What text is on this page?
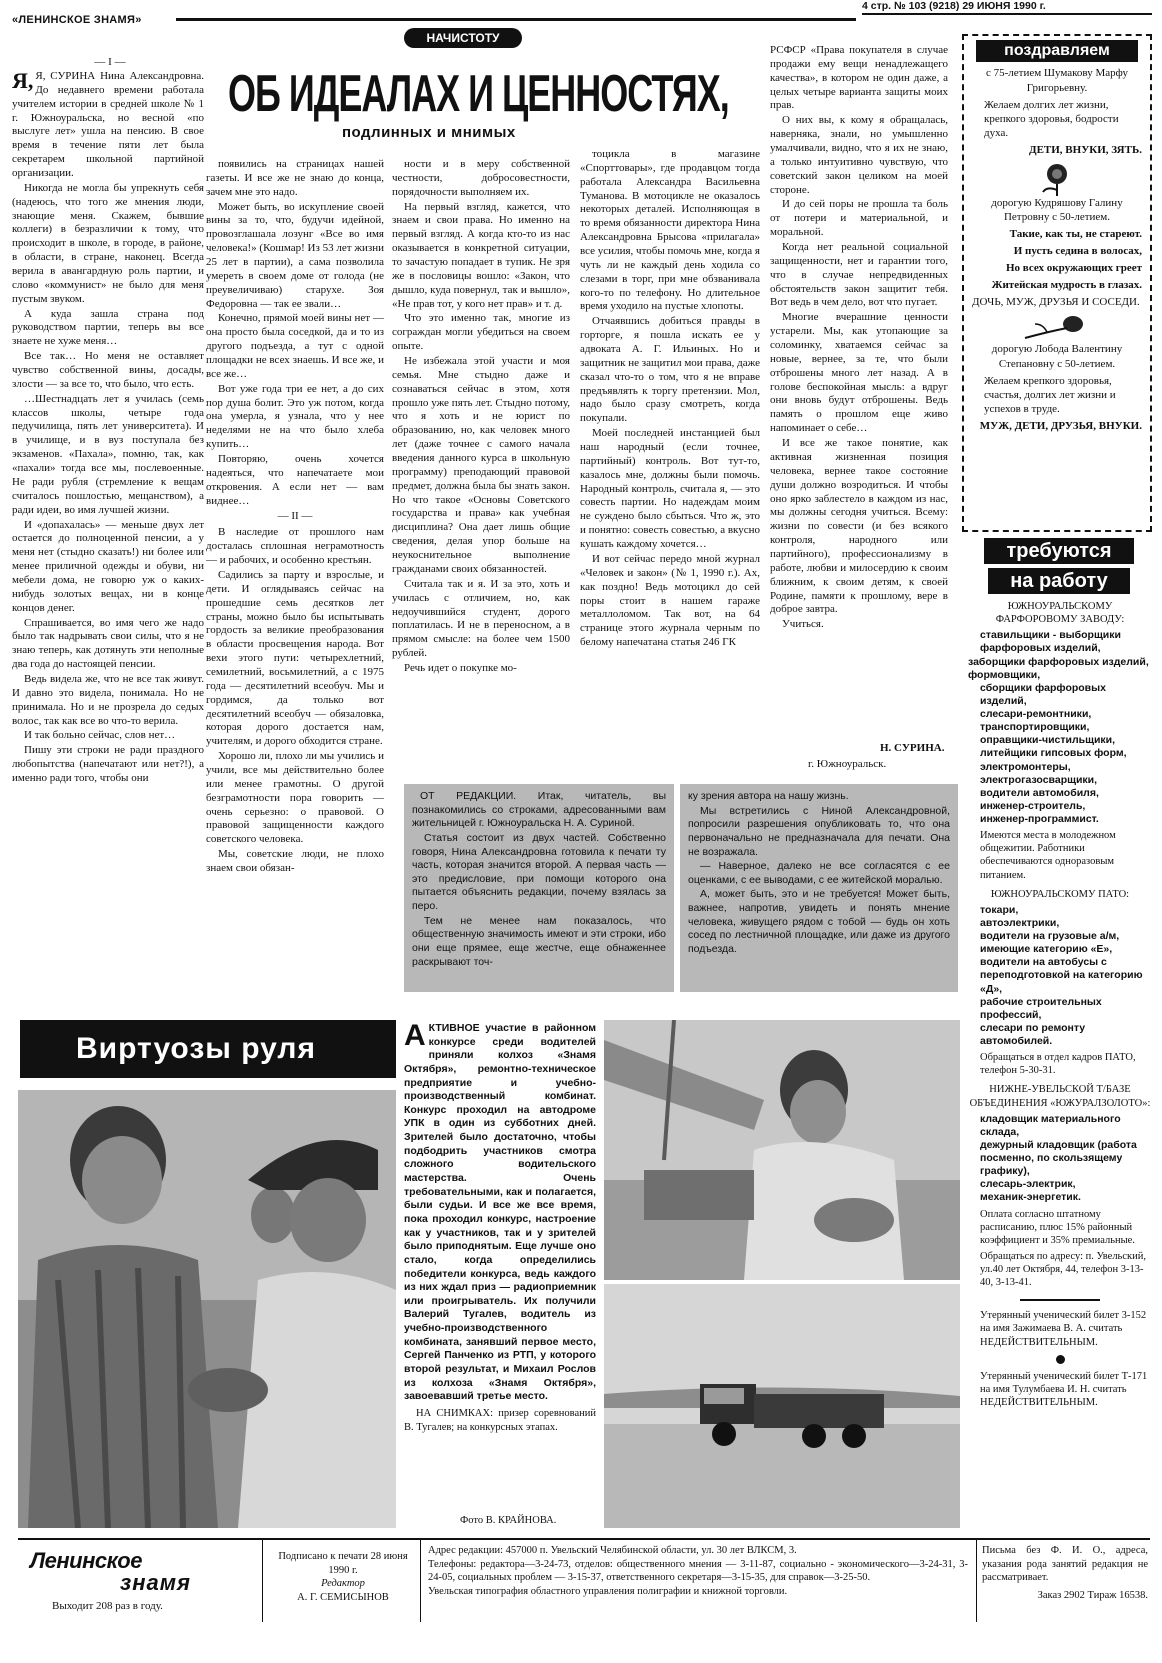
«ЛЕНИНСКОЕ ЗНАМЯ»
4 стр. № 103 (9218) 29 ИЮНЯ 1990 г.
НАЧИСТОТУ
ОБ ИДЕАЛАХ И ЦЕННОСТЯХ,
подлинных и мнимых
— I —

Я, Я, СУРИНА Нина Александровна. До недавнего времени работала учителем истории в средней школе № 1 г. Южноуральска, но весной «по выслуге лет» ушла на пенсию. В свое время в течение пяти лет была секретарем школьной партийной организации.

Никогда не могла бы упрекнуть себя (надеюсь, что того же мнения люди, знающие меня. Скажем, бывшие коллеги) в безразличии к тому, что происходит в школе, в городе, в районе, в области, в стране, наконец. Всегда верила в авангардную роль партии, и слово «коммунист» не было для меня пустым звуком.

А куда зашла страна под руководством партии, теперь вы все знаете не хуже меня…

Все так… Но меня не оставляет чувство собственной вины, досады, злости — за все то, что было, что есть.

…Шестнадцать лет я училась (семь классов школы, четыре года педучилища, пять лет университета). И в училище, и в вуз поступала без экзаменов. «Пахала», помню, так, как «пахали» тогда все мы, послевоенные. Не ради рубля (стремление к вещам считалось пошлостью, мещанством), а ради идеи, во имя лучшей жизни.

И «допахалась» — меньше двух лет остается до полноценной пенсии, а у меня нет (стыдно сказать!) ни более или менее приличной одежды и обуви, ни мебели дома, не говорю уж о каких-нибудь золотых вещах, ни в конце концов денег.

Спрашивается, во имя чего же надо было так надрывать свои силы, что я не знаю теперь, как дотянуть эти неполные два года до настоящей пенсии.

Ведь видела же, что не все так живут. И давно это видела, понимала. Но не принимала. Но и не прозрела до седых волос, так как все во что-то верила.

И так больно сейчас, слов нет…

Пишу эти строки не ради праздного любопытства (напечатают или нет?!), а именно ради того, чтобы они

появились на страницах нашей газеты. И все же не знаю до конца, зачем мне это надо.

Может быть, во искупление своей вины за то, что, будучи идейной, провозглашала лозунг «Все во имя человека!» (Кошмар! Из 53 лет жизни 25 лет в партии), а сама позволила умереть в своем доме от голода (не преувеличиваю) старухе. Зоя Федоровна — так ее звали…

Конечно, прямой моей вины нет — она просто была соседкой, да и то из другого подъезда, а тут с одной площадки не всех знаешь. И все же, и все же…

Вот уже года три ее нет, а до сих пор душа болит. Это уж потом, когда она умерла, я узнала, что у нее неделями не на что было хлеба купить…

Повторяю, очень хочется надеяться, что напечатаете мои откровения. А если нет — вам виднее…

— II —

В наследие от прошлого нам досталась сплошная неграмотность — и рабочих, и особенно крестьян.

Садились за парту и взрослые, и дети. И оглядываясь сейчас на прошедшие семь десятков лет страны, можно было бы испытывать гордость за великие преобразования в области просвещения народа. Вот вехи этого пути: четырехлетний, семилетний, восьмилетний, а с 1975 года — десятилетний всеобуч. Мы и гордимся, да только вот десятилетний всеобуч — обязаловка, которая дорого достается нам, учителям, и дорого обходится стране.

Хорошо ли, плохо ли мы учились и учили, все мы действительно более или менее грамотны. О другой безграмотности пора говорить — очень серьезно: о правовой. О правовой защищенности каждого советского человека.

Мы, советские люди, не плохо знаем свои обязан-

ности и в меру собственной честности, добросовестности, порядочности выполняем их.

На первый взгляд, кажется, что знаем и свои права. Но именно на первый взгляд. А когда кто-то из нас оказывается в конкретной ситуации, то зачастую попадает в тупик. Не зря же в пословицы вошло: «Закон, что дышло, куда повернул, так и вышло», «Не прав тот, у кого нет прав» и т. д.

Что это именно так, многие из сограждан могли убедиться на своем опыте.

Не избежала этой участи и моя семья. Мне стыдно даже и сознаваться сейчас в этом, хотя прошло уже пять лет. Стыдно потому, что я хоть и не юрист по образованию, но, как человек много лет (даже точнее с самого начала введения данного курса в школьную программу) преподающий правовой предмет, должна была бы знать закон. Но что такое «Основы Советского государства и права» как учебная дисциплина? Она дает лишь общие сведения, делая упор больше на неукоснительное выполнение гражданами своих обязанностей.

Считала так и я. И за это, хоть и училась с отличием, но, как недоучившийся студент, дорого поплатилась. И не в переносном, а в прямом смысле: на более чем 1500 рублей.

Речь идет о покупке мо-

тоцикла в магазине «Спорттовары», где продавцом тогда работала Александра Васильевна Туманова. В мотоцикле не оказалось некоторых деталей. Исполняющая в то время обязанности директора Нина Александровна Брысова «прилагала» все усилия, чтобы помочь мне, когда я чуть ли не каждый день ходила со слезами в торг, при мне обзванивала кого-то по телефону. Но длительное время уходило на пустые хлопоты.

Отчаявшись добиться правды в горторге, я пошла искать ее у адвоката А. Г. Ильиных. Но и защитник не защитил мои права, даже сказал что-то о том, что я не вправе предъявлять к торгу претензии. Мол, надо было сразу смотреть, когда покупали.

Моей последней инстанцией был наш народный (если точнее, партийный) контроль. Вот тут-то, казалось мне, должны были помочь. Народный контроль, считала я, — это совесть партии. Но надеждам моим не суждено было сбыться. Что ж, это и понятно: совесть совестью, а вкусно кушать каждому хочется…

И вот сейчас передо мной журнал «Человек и закон» (№ 1, 1990 г.). Ах, как поздно! Ведь мотоцикл до сей поры стоит в нашем гараже металлоломом. Так вот, на 64 странице этого журнала черным по белому напечатана статья 246 ГК

РСФСР «Права покупателя в случае продажи ему вещи ненадлежащего качества», в котором не один даже, а целых четыре варианта защиты моих прав.

О них вы, к кому я обращалась, наверняка, знали, но умышленно умалчивали, видно, что я их не знаю, а только интуитивно чувствую, что советский закон целиком на моей стороне.

И до сей поры не прошла та боль от потери и материальной, и моральной.

Когда нет реальной социальной защищенности, нет и гарантии того, что в случае непредвиденных обстоятельств закон защитит тебя. Вот ведь в чем дело, вот что пугает.

Многие вчерашние ценности устарели. Мы, как утопающие за соломинку, хватаемся сейчас за новые, вернее, за те, что были отброшены много лет назад. А в голове беспокойная мысль: а вдруг они вновь будут отброшены. Ведь память о прошлом еще живо напоминает о себе…

И все же такое понятие, как активная жизненная позиция человека, вернее такое состояние души должно возродиться. И чтобы оно ярко заблестело в каждом из нас, мы должны сегодня учиться. Всему: жизни по совести (и без всякого контроля, народного или партийного), профессионализму в работе, любви и милосердию к своим ближним, к своим детям, к своей Родине, памяти к прошлому, вере в доброе завтра.

Учиться.

Н. СУРИНА.
г. Южноуральск.

ОТ РЕДАКЦИИ. Итак, читатель, вы познакомились со строками, адресованными вам жительницей г. Южноуральска Н. А. Суриной.

Статья состоит из двух частей. Собственно говоря, Нина Александровна готовила к печати ту часть, которая значится второй. А первая часть — это предисловие, при помощи которого она пытается объяснить редакции, почему взялась за перо.

Тем не менее нам показалось, что общественную значимость имеют и эти строки, ибо они еще прямее, еще жестче, еще обнаженнее раскрывают точ-

ку зрения автора на нашу жизнь.

Мы встретились с Ниной Александровной, попросили разрешения опубликовать то, что она первоначально не предназначала для печати. Она не возражала.

— Наверное, далеко не все согласятся с ее оценками, с ее выводами, с ее житейской моралью.

А, может быть, это и не требуется! Может быть, важнее, напротив, увидеть и понять мнение человека, живущего рядом с тобой — будь он хоть сосед по лестничной площадке, или даже из другого подъезда.

поздравляем

с 75-летием Шумакову Марфу Григорьевну.

Желаем долгих лет жизни, крепкого здоровья, бодрости духа.

ДЕТИ, ВНУКИ, ЗЯТЬ.

дорогую Кудряшову Галину Петровну с 50-летием.

Такие, как ты, не стареют.

И пусть седина в волосах,

Но всех окружающих греет

Житейская мудрость в глазах.

ДОЧЬ, МУЖ, ДРУЗЬЯ И СОСЕДИ.

дорогую Лобода Валентину Степановну с 50-летием.

Желаем крепкого здоровья, счастья, долгих лет жизни и успехов в труде.

МУЖ, ДЕТИ, ДРУЗЬЯ, ВНУКИ.

требуются
на работу

ЮЖНОУРАЛЬСКОМУ ФАРФОРОВОМУ ЗАВОДУ:

ставильщики - выборщики фарфоровых изделий,
заборщики фарфоровых изделий,
формовщики,
сборщики фарфоровых изделий,
слесари-ремонтники,
транспортировщики,
оправщики-чистильщики,
литейщики гипсовых форм,
электромонтеры,
электрогазосварщики,
водители автомобиля,
инженер-строитель,
инженер-программист.

Имеются места в молодежном общежитии. Работники обеспечиваются одноразовым питанием.

ЮЖНОУРАЛЬСКОМУ ПАТО:

токари,
автоэлектрики,
водители на грузовые а/м, имеющие категорию «Е»,
водители на автобусы с переподготовкой на категорию «Д»,
рабочие строительных профессий,
слесари по ремонту автомобилей.

Обращаться в отдел кадров ПАТО, телефон 5-30-31.

НИЖНЕ-УВЕЛЬСКОЙ Т/БАЗЕ ОБЪЕДИНЕНИЯ «ЮЖУРАЛЗОЛОТО»:

кладовщик материального склада,
дежурный кладовщик (работа посменно, по скользящему графику),
слесарь-электрик,
механик-энергетик.

Оплата согласно штатному расписанию, плюс 15% районный коэффициент и 35% премиальные.

Обращаться по адресу: п. Увельский, ул.40 лет Октября, 44, телефон 3-13-40, 3-13-41.

Утерянный ученический билет 3-152 на имя Зажимаева В. А. считать НЕДЕЙСТВИТЕЛЬНЫМ.

Утерянный ученический билет Т-171 на имя Тулумбаева И. Н. считать НЕДЕЙСТВИТЕЛЬНЫМ.

Виртуозы руля	АКТИВНОЕ участие в районном конкурсе среди водителей приняли колхоз «Знамя Октября», ремонтно-техническое предприятие и учебно-производственный комбинат. Конкурс проходил на автодроме УПК в один из субботних дней. Зрителей было достаточно, чтобы подбодрить участников смотра сложного водительского мастерства. Очень требовательными, как и полагается, были судьи. И все же все время, пока проходил конкурс, настроение как у участников, так и у зрителей было приподнятым. Еще лучше оно стало, когда определились победители конкурса, ведь каждого из них ждал приз — радиоприемник или проигрыватель. Их получили Валерий Тугалев, водитель из учебно-производственного комбината, занявший первое место, Сергей Панченко из РТП, у которого второй результат, и Михаил Рослов из колхоза «Знамя Октября», завоевавший третье место.

НА СНИМКАХ: призер соревнований В. Тугалев; на конкурсных этапах.

Фото В. КРАЙНОВА.
Ленинское
знамя
Выходит 208 раз в году.
Подписано к печати 28 июня 1990 г.
Редактор
А. Г. СЕМИСЫНОВ
Адрес редакции: 457000 п. Увельский Челябинской области, ул. 30 лет ВЛКСМ, 3.
Телефоны: редактора—3-24-73, отделов: общественного мнения — 3-11-87, социально - экономического—3-24-31, 3-24-05, социальных проблем — 3-15-37, ответственного секретаря—3-15-35, для справок—3-25-50.
Увельская типография областного управления полиграфии и книжной торговли.
Письма без Ф. И. О., адреса, указания рода занятий редакция не рассматривает.
Заказ 2902 Тираж 16538.
